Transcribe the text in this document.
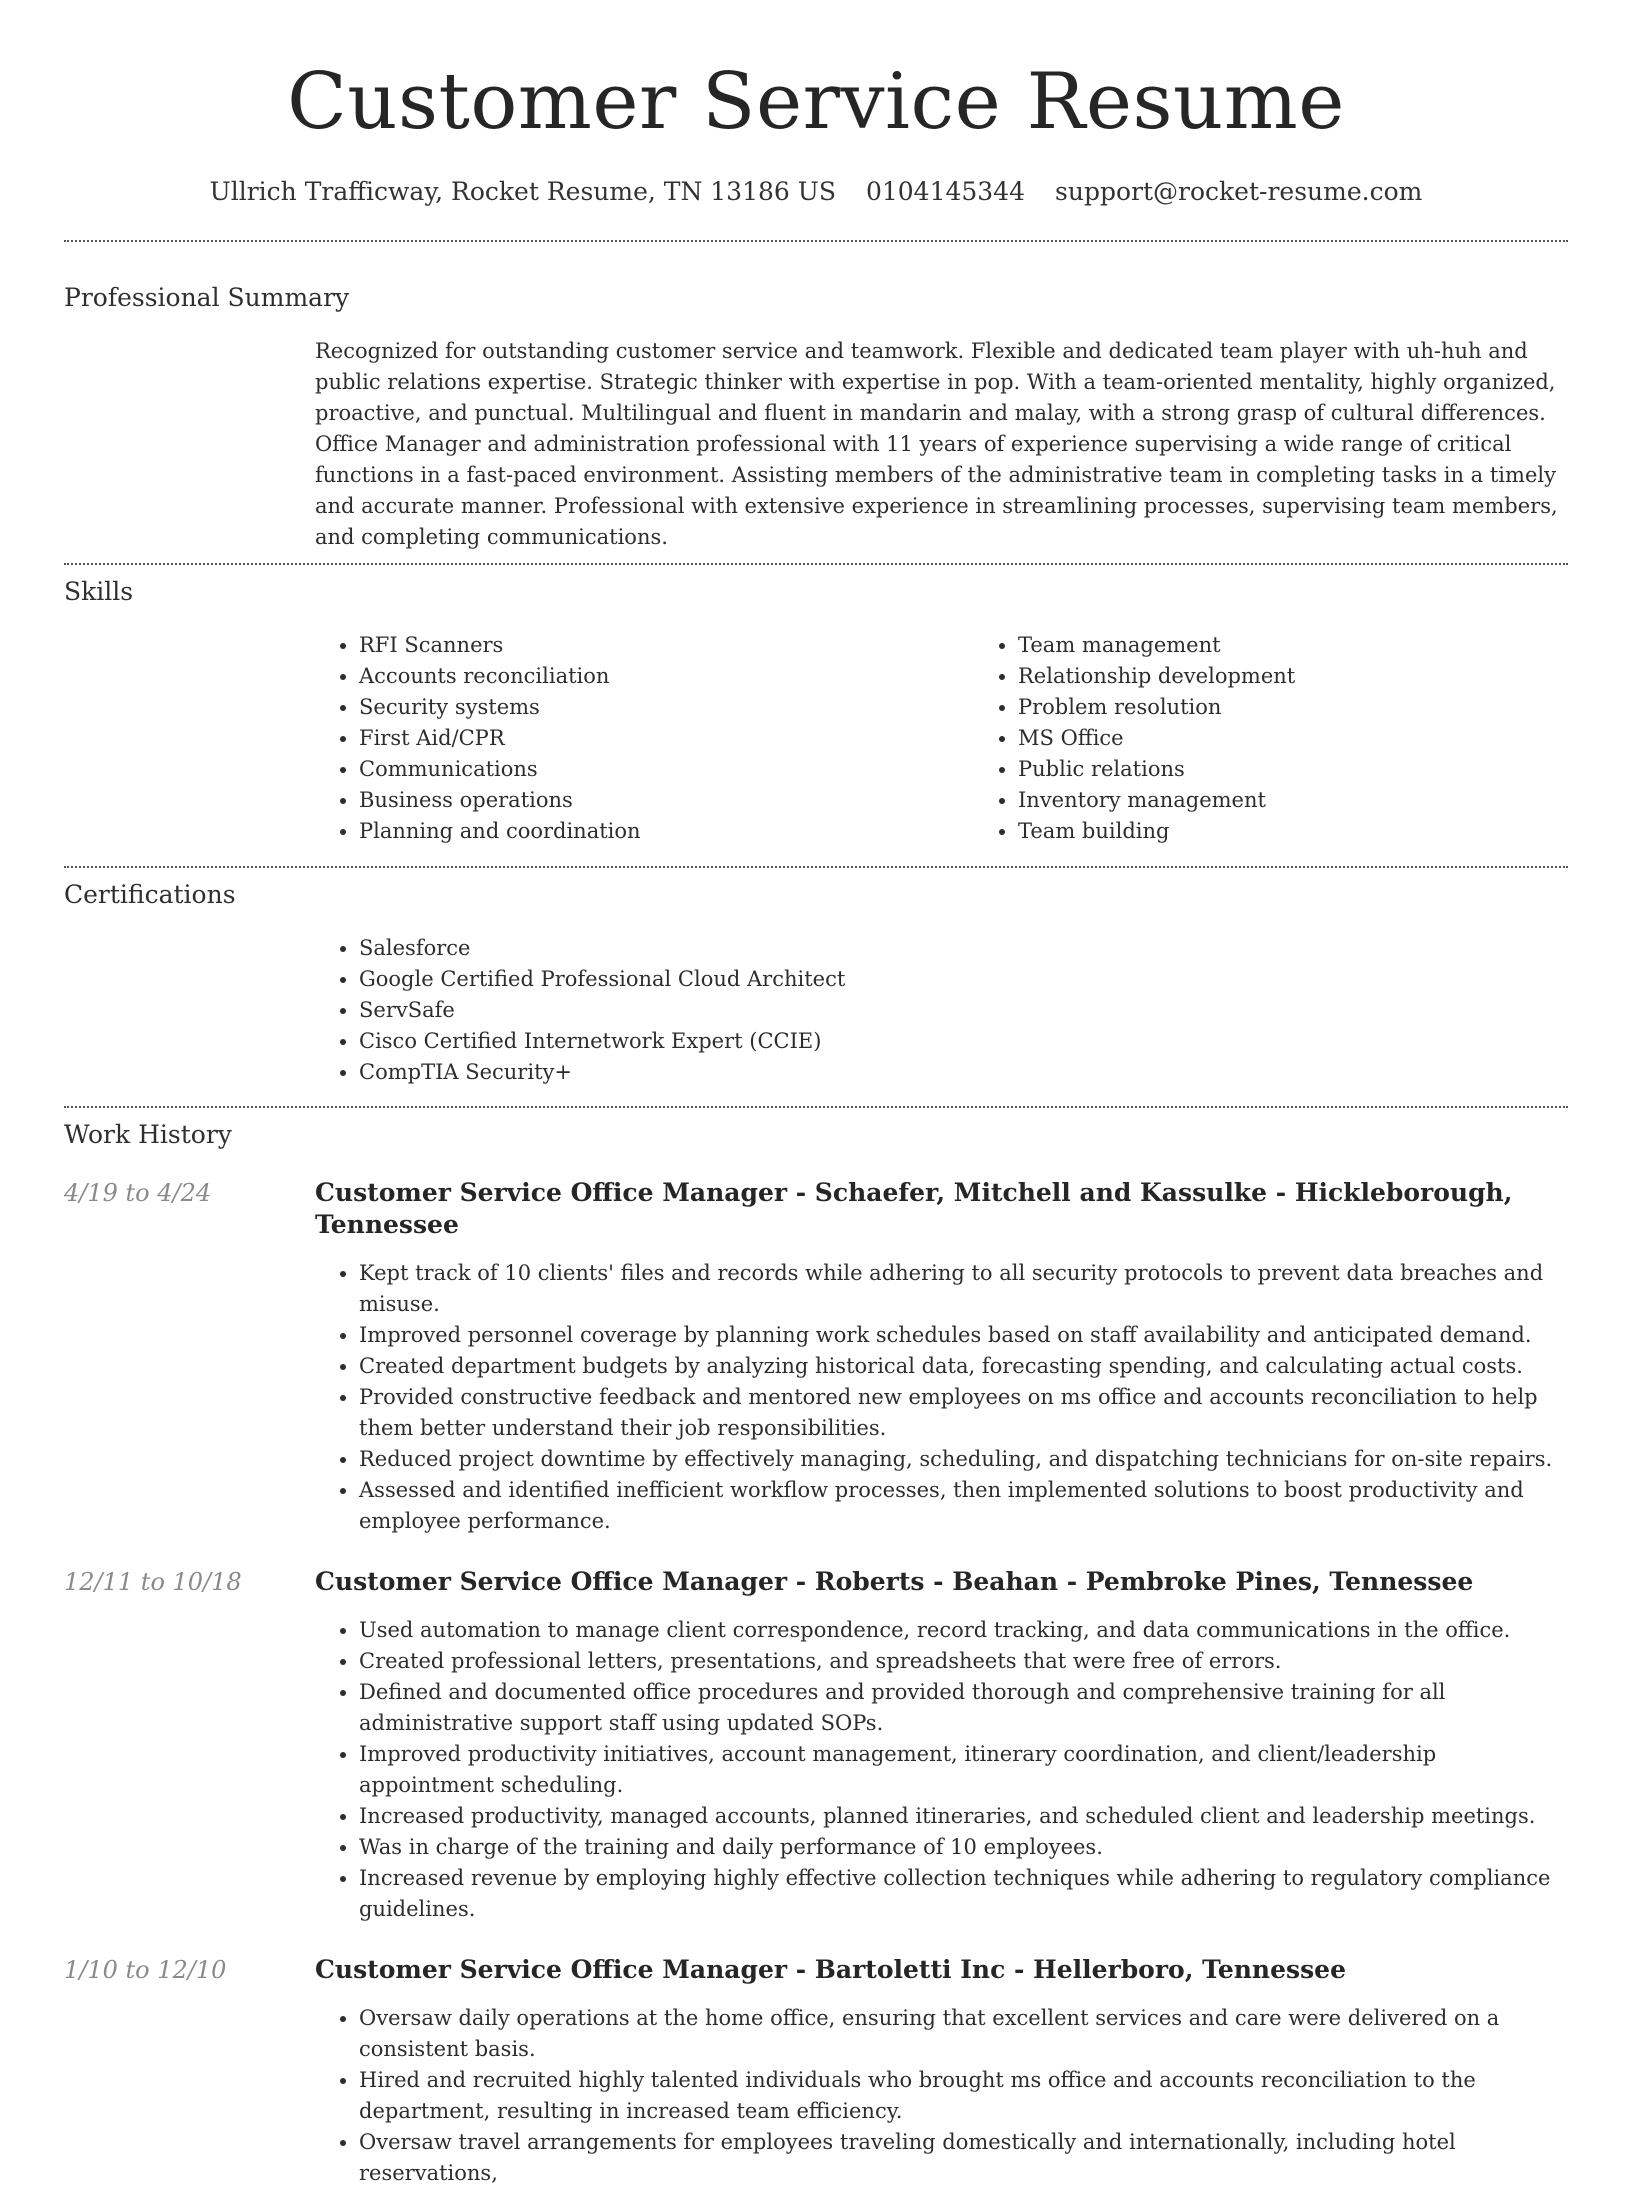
Customer Service Resume
Ullrich Trafficway, Rocket Resume, TN 13186 US 0104145344 support@rocket-resume.com
Professional Summary

Recognized for outstanding customer service and teamwork. Flexible and dedicated team player with uh-huh and public relations expertise. Strategic thinker with expertise in pop. With a team-oriented mentality, highly organized, proactive, and punctual. Multilingual and fluent in mandarin and malay, with a strong grasp of cultural differences. Office Manager and administration professional with 11 years of experience supervising a wide range of critical functions in a fast-paced environment. Assisting members of the administrative team in completing tasks in a timely and accurate manner. Professional with extensive experience in streamlining processes, supervising team members, and completing communications.

Skills
• RFI Scanners
• Accounts reconciliation
• Security systems
• First Aid/CPR
• Communications
• Business operations
• Planning and coordination
• Team management
• Relationship development
• Problem resolution
• MS Office
• Public relations
• Inventory management
• Team building
Certifications
• Salesforce
• Google Certified Professional Cloud Architect
• ServSafe
• Cisco Certified Internetwork Expert (CCIE)
• CompTIA Security+
Work History
4/19 to 4/24	Customer Service Office Manager - Schaefer, Mitchell and Kassulke - Hickleborough, Tennessee
• Kept track of 10 clients' files and records while adhering to all security protocols to prevent data breaches and misuse.
• Improved personnel coverage by planning work schedules based on staff availability and anticipated demand.
• Created department budgets by analyzing historical data, forecasting spending, and calculating actual costs.
• Provided constructive feedback and mentored new employees on ms office and accounts reconciliation to help them better understand their job responsibilities.
• Reduced project downtime by effectively managing, scheduling, and dispatching technicians for on-site repairs.
• Assessed and identified inefficient workflow processes, then implemented solutions to boost productivity and employee performance.
12/11 to 10/18	Customer Service Office Manager - Roberts - Beahan - Pembroke Pines, Tennessee
• Used automation to manage client correspondence, record tracking, and data communications in the office.
• Created professional letters, presentations, and spreadsheets that were free of errors.
• Defined and documented office procedures and provided thorough and comprehensive training for all administrative support staff using updated SOPs.
• Improved productivity initiatives, account management, itinerary coordination, and client/leadership appointment scheduling.
• Increased productivity, managed accounts, planned itineraries, and scheduled client and leadership meetings.
• Was in charge of the training and daily performance of 10 employees.
• Increased revenue by employing highly effective collection techniques while adhering to regulatory compliance guidelines.
1/10 to 12/10	Customer Service Office Manager - Bartoletti Inc - Hellerboro, Tennessee
• Oversaw daily operations at the home office, ensuring that excellent services and care were delivered on a consistent basis.
• Hired and recruited highly talented individuals who brought ms office and accounts reconciliation to the department, resulting in increased team efficiency.
• Oversaw travel arrangements for employees traveling domestically and internationally, including hotel reservations,
